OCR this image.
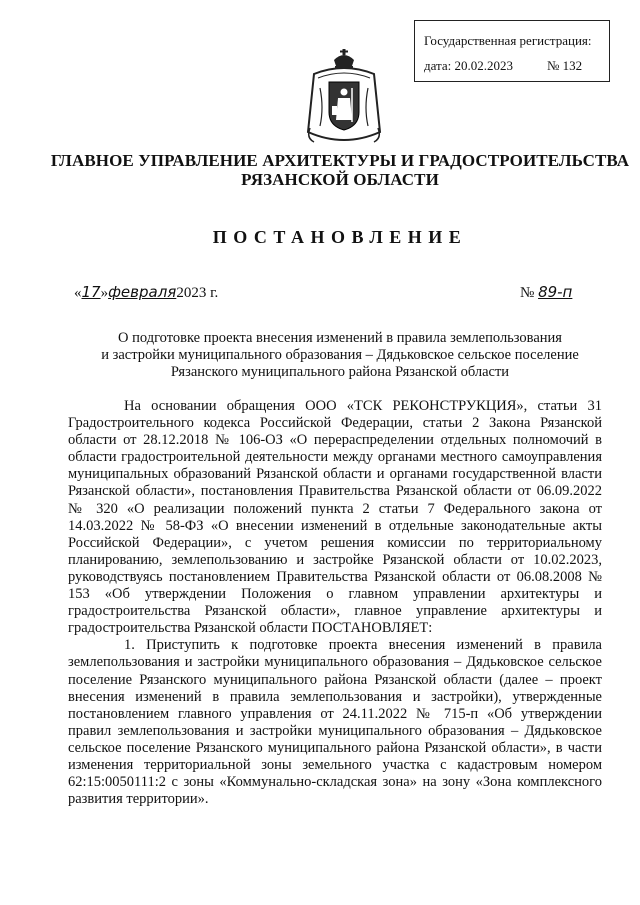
Государственная регистрация:
дата: 20.02.2023	№ 132
ГЛАВНОЕ УПРАВЛЕНИЕ АРХИТЕКТУРЫ И ГРАДОСТРОИТЕЛЬСТВА
РЯЗАНСКОЙ ОБЛАСТИ
ПОСТАНОВЛЕНИЕ
«17»февраля2023 г.	№ 89-п
О подготовке проекта внесения изменений в правила землепользования
и застройки муниципального образования – Дядьковское сельское поселение
Рязанского муниципального района Рязанской области

На основании обращения ООО «ТСК РЕКОНСТРУКЦИЯ», статьи 31 Градостроительного кодекса Российской Федерации, статьи 2 Закона Рязанской области от 28.12.2018 № 106-ОЗ «О перераспределении отдельных полномочий в области градостроительной деятельности между органами местного самоуправления муниципальных образований Рязанской области и органами государственной власти Рязанской области», постановления Правительства Рязанской области от 06.09.2022 № 320 «О реализации положений пункта 2 статьи 7 Федерального закона от 14.03.2022 № 58-ФЗ «О внесении изменений в отдельные законодательные акты Российской Федерации», с учетом решения комиссии по территориальному планированию, землепользованию и застройке Рязанской области от 10.02.2023, руководствуясь постановлением Правительства Рязанской области от 06.08.2008 № 153 «Об утверждении Положения о главном управлении архитектуры и градостроительства Рязанской области», главное управление архитектуры и градостроительства Рязанской области ПОСТАНОВЛЯЕТ:

1. Приступить к подготовке проекта внесения изменений в правила землепользования и застройки муниципального образования – Дядьковское сельское поселение Рязанского муниципального района Рязанской области (далее – проект внесения изменений в правила землепользования и застройки), утвержденные постановлением главного управления от 24.11.2022 № 715-п «Об утверждении правил землепользования и застройки муниципального образования – Дядьковское сельское поселение Рязанского муниципального района Рязанской области», в части изменения территориальной зоны земельного участка с кадастровым номером 62:15:0050111:2 с зоны «Коммунально-складская зона» на зону «Зона комплексного развития территории».
